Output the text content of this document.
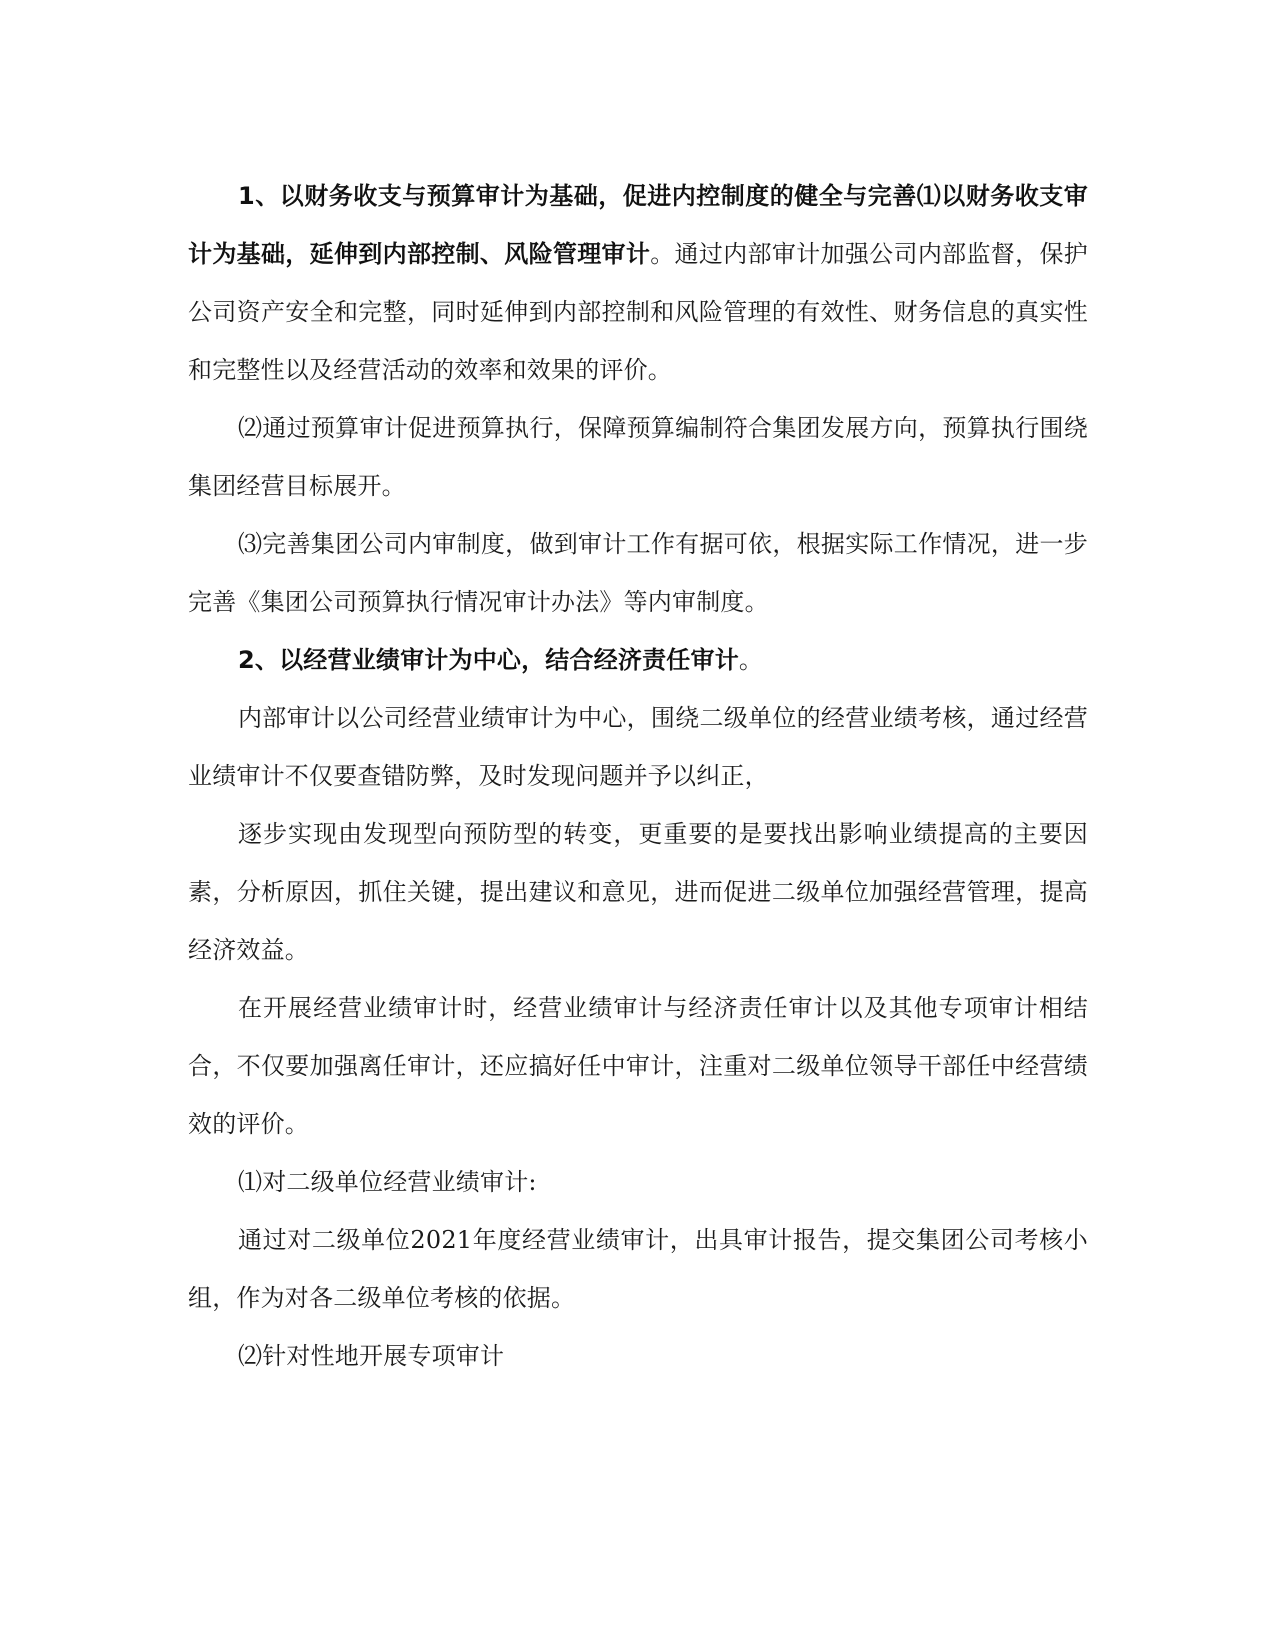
1、以财务收支与预算审计为基础，促进内控制度的健全与完善⑴以财务收支审计为基础，延伸到内部控制、风险管理审计。通过内部审计加强公司内部监督，保护公司资产安全和完整，同时延伸到内部控制和风险管理的有效性、财务信息的真实性和完整性以及经营活动的效率和效果的评价。

⑵通过预算审计促进预算执行，保障预算编制符合集团发展方向，预算执行围绕集团经营目标展开。

⑶完善集团公司内审制度，做到审计工作有据可依，根据实际工作情况，进一步完善《集团公司预算执行情况审计办法》等内审制度。

2、以经营业绩审计为中心，结合经济责任审计。

内部审计以公司经营业绩审计为中心，围绕二级单位的经营业绩考核，通过经营业绩审计不仅要查错防弊，及时发现问题并予以纠正，

逐步实现由发现型向预防型的转变，更重要的是要找出影响业绩提高的主要因素，分析原因，抓住关键，提出建议和意见，进而促进二级单位加强经营管理，提高经济效益。

在开展经营业绩审计时，经营业绩审计与经济责任审计以及其他专项审计相结合，不仅要加强离任审计，还应搞好任中审计，注重对二级单位领导干部任中经营绩效的评价。

⑴对二级单位经营业绩审计:

通过对二级单位2021年度经营业绩审计，出具审计报告，提交集团公司考核小组，作为对各二级单位考核的依据。

⑵针对性地开展专项审计
